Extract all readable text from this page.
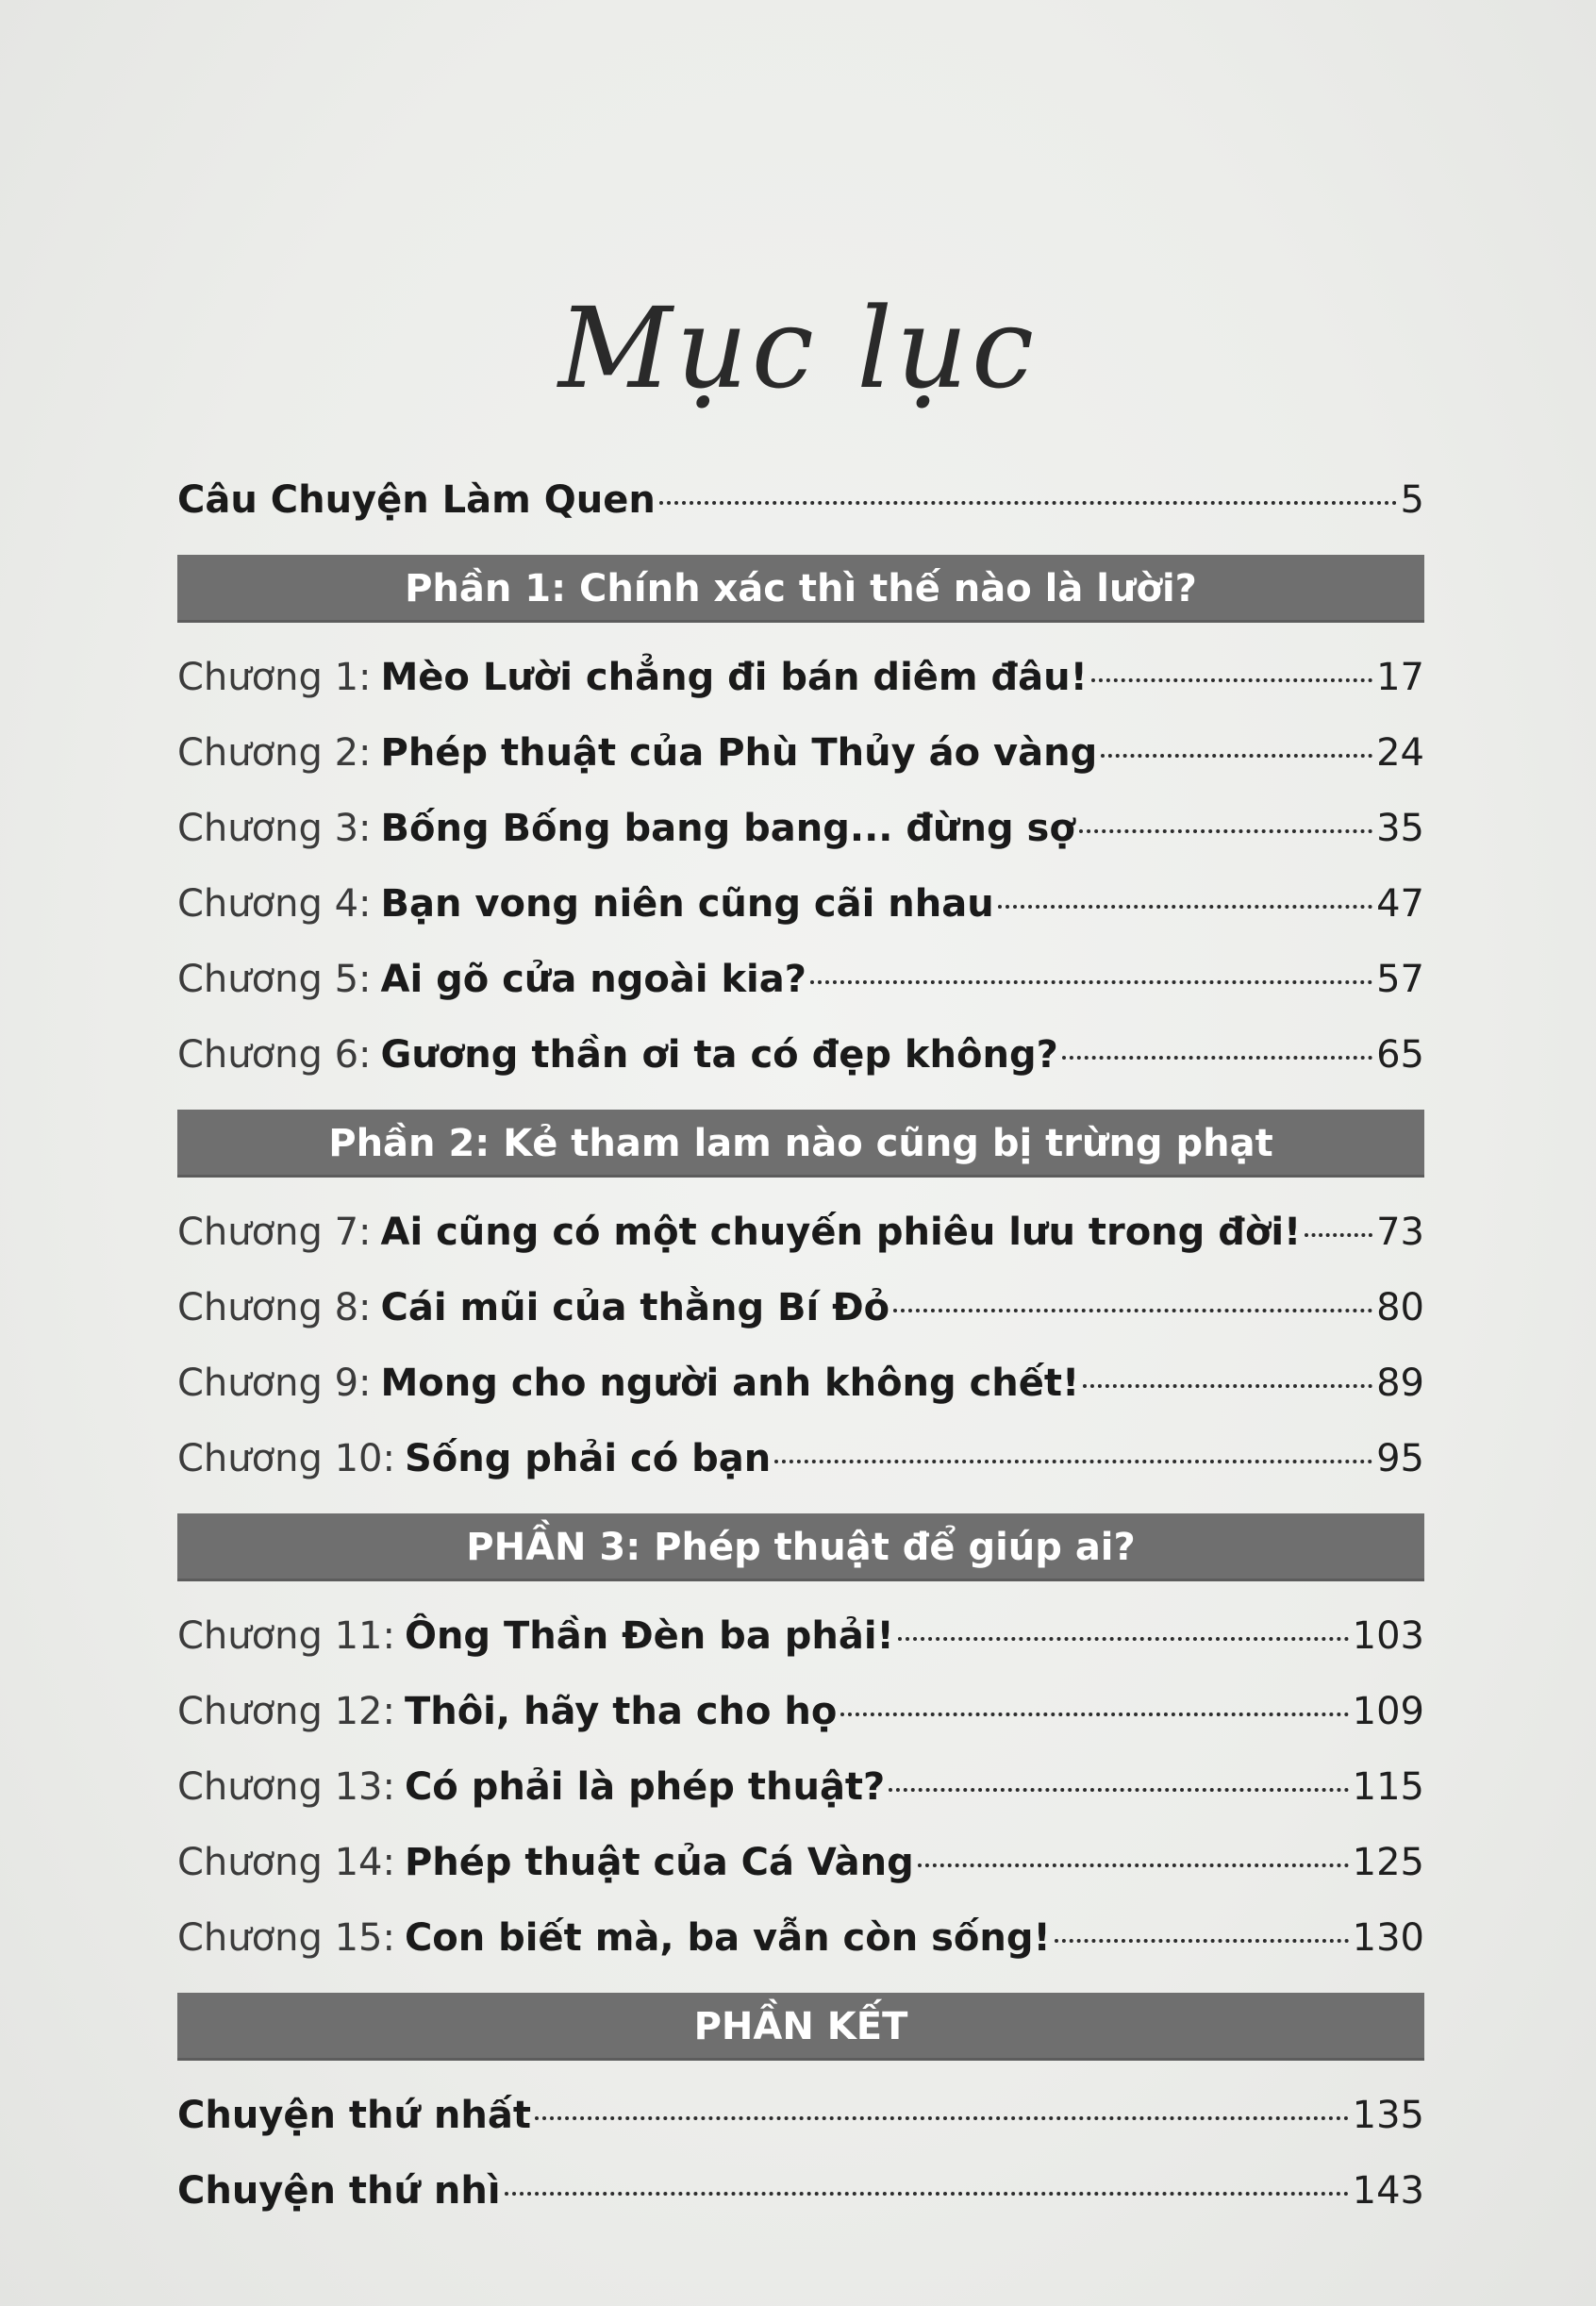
Mục lục
Câu Chuyện Làm Quen	5
Phần 1: Chính xác thì thế nào là lười?
Chương 1: Mèo Lười chẳng đi bán diêm đâu!	17
Chương 2: Phép thuật của Phù Thủy áo vàng	24
Chương 3: Bống Bống bang bang... đừng sợ	35
Chương 4: Bạn vong niên cũng cãi nhau	47
Chương 5: Ai gõ cửa ngoài kia?	57
Chương 6: Gương thần ơi ta có đẹp không?	65
Phần 2: Kẻ tham lam nào cũng bị trừng phạt
Chương 7: Ai cũng có một chuyến phiêu lưu trong đời! 73
Chương 8: Cái mũi của thằng Bí Đỏ	80
Chương 9: Mong cho người anh không chết!	89
Chương 10: Sống phải có bạn	95
PHẦN 3: Phép thuật để giúp ai?
Chương 11: Ông Thần Đèn ba phải!	103
Chương 12: Thôi, hãy tha cho họ	109
Chương 13: Có phải là phép thuật?	115
Chương 14: Phép thuật của Cá Vàng	125
Chương 15: Con biết mà, ba vẫn còn sống!	130
PHẦN KẾT
Chuyện thứ nhất	135
Chuyện thứ nhì	143
